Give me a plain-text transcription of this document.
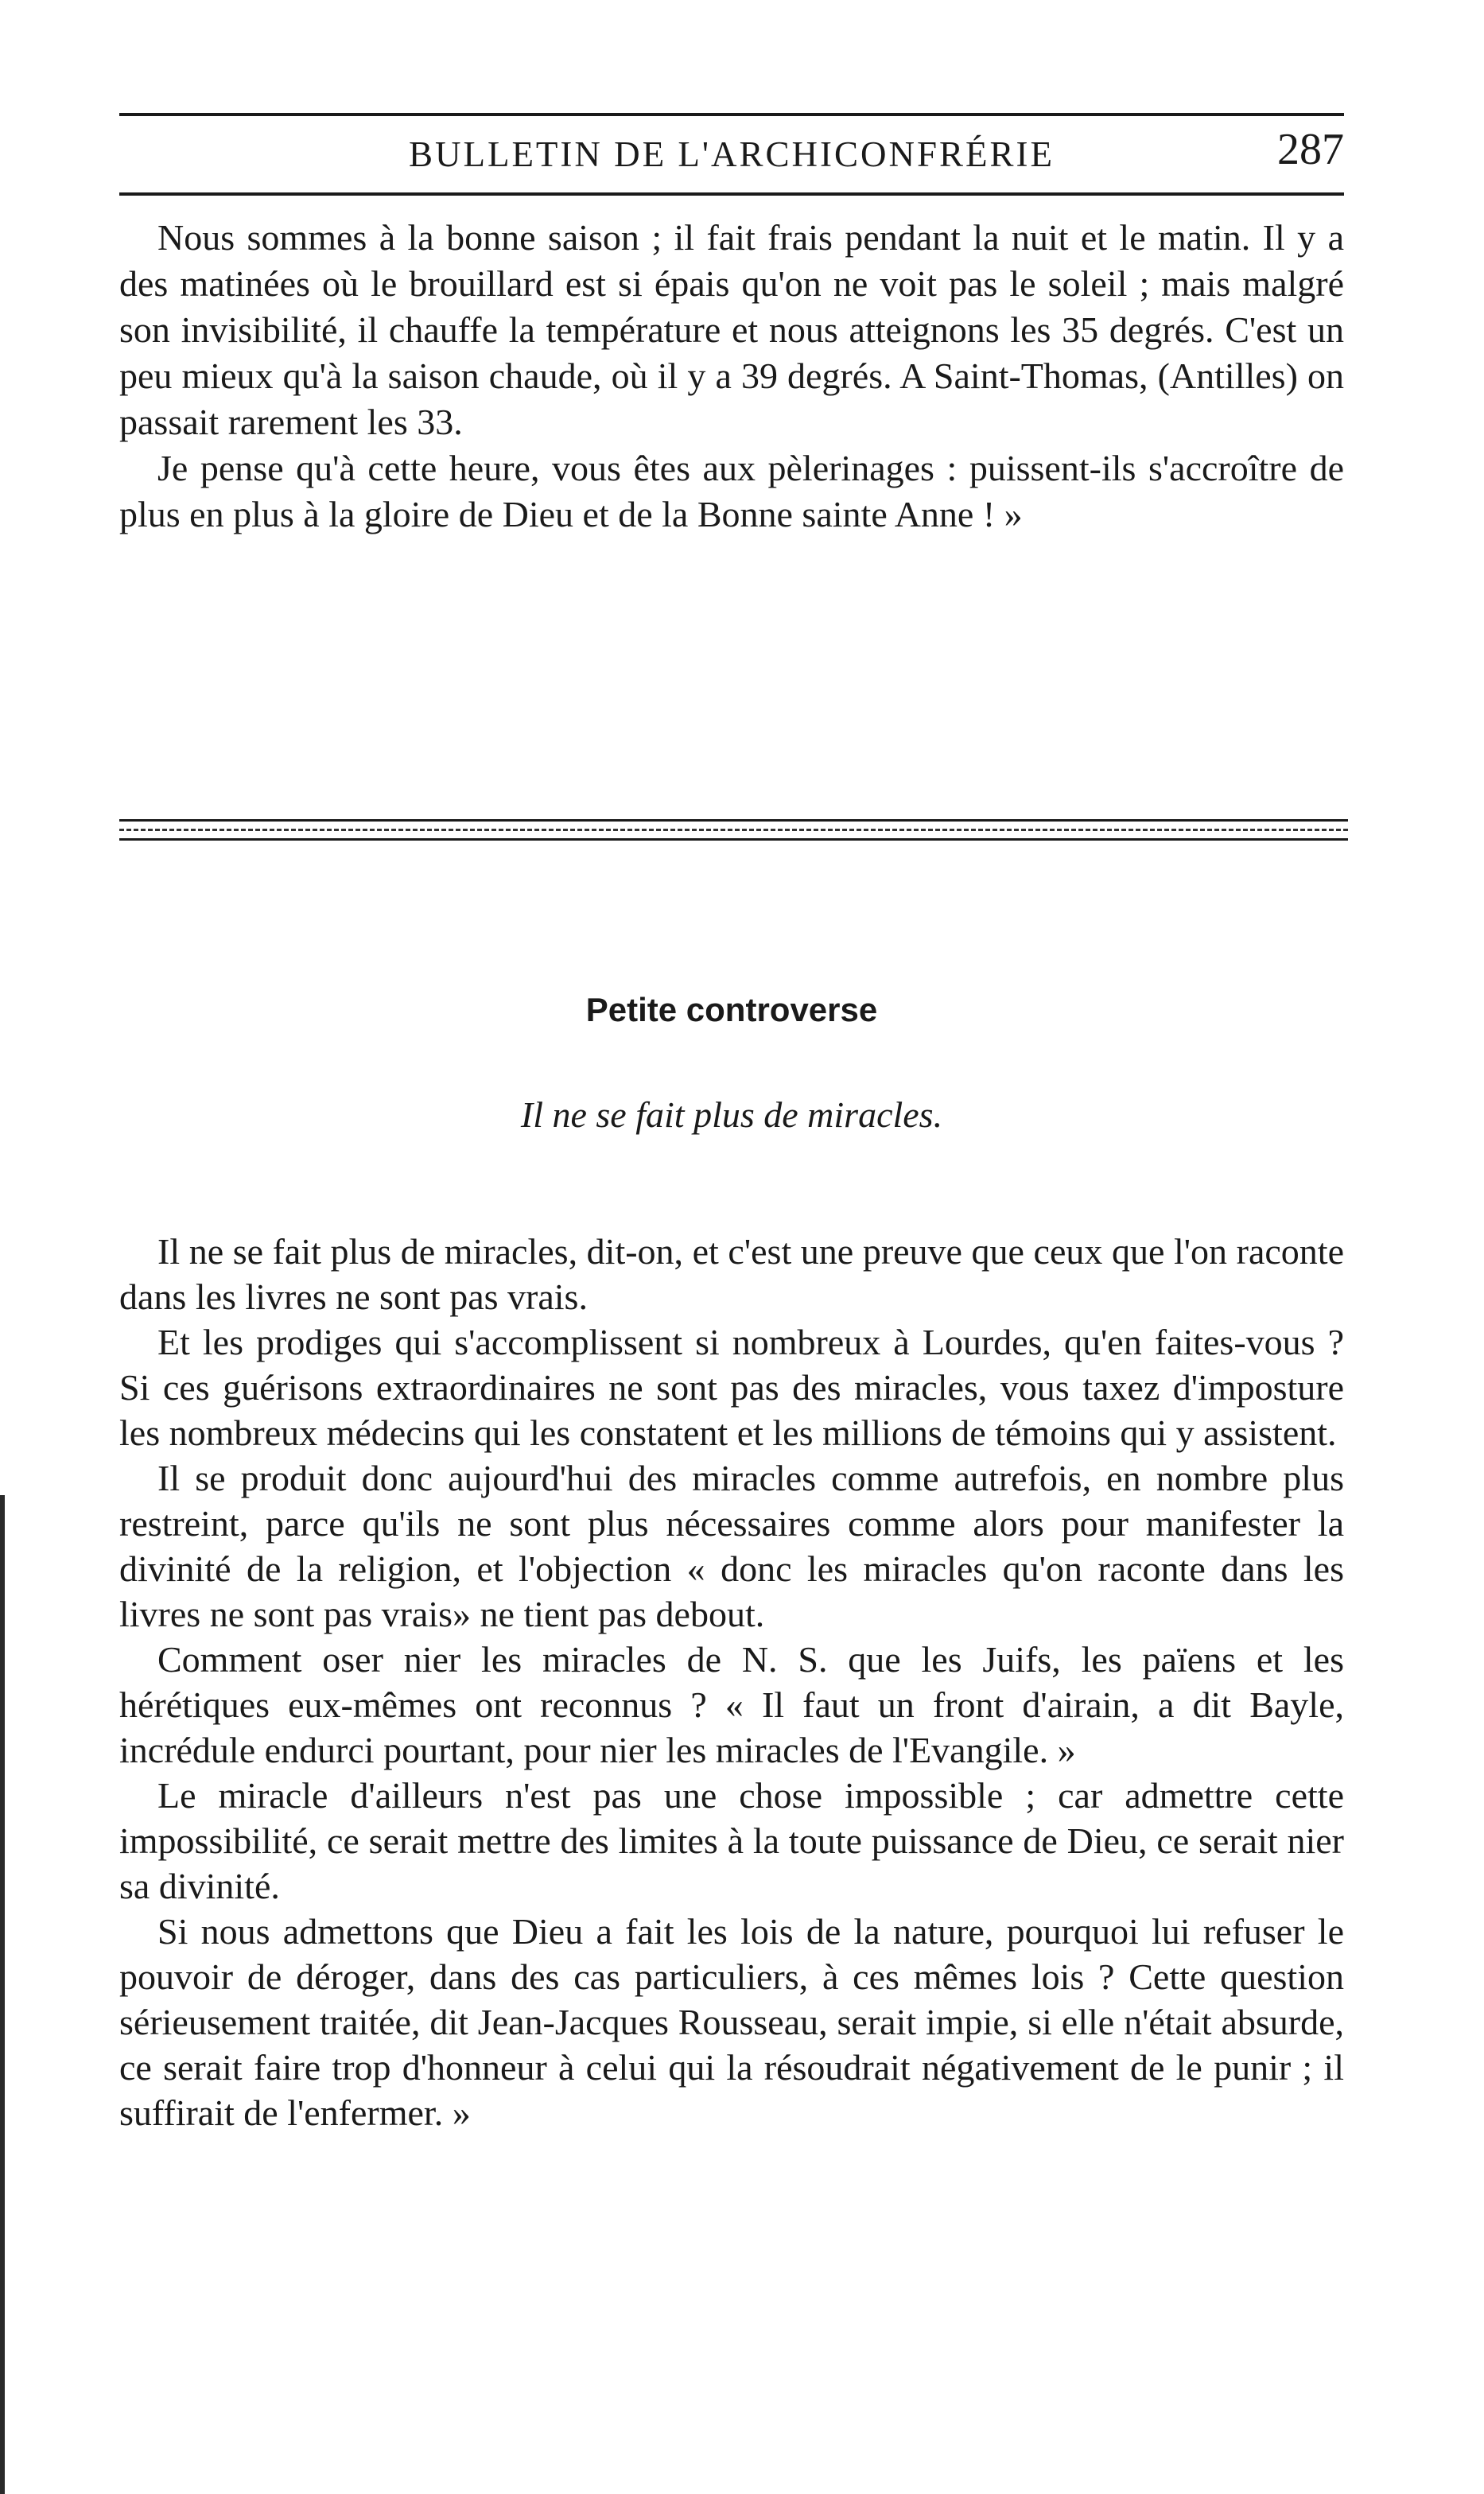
BULLETIN DE L'ARCHICONFRÉRIE	287

Nous sommes à la bonne saison ; il fait frais pendant la nuit et le matin. Il y a des matinées où le brouillard est si épais qu'on ne voit pas le soleil ; mais malgré son invisibilité, il chauffe la température et nous atteignons les 35 degrés. C'est un peu mieux qu'à la saison chaude, où il y a 39 degrés. A Saint-Thomas, (Antilles) on passait rarement les 33.

Je pense qu'à cette heure, vous êtes aux pèlerinages : puissent-ils s'accroître de plus en plus à la gloire de Dieu et de la Bonne sainte Anne ! »

Petite controverse
Il ne se fait plus de miracles.

Il ne se fait plus de miracles, dit-on, et c'est une preuve que ceux que l'on raconte dans les livres ne sont pas vrais.

Et les prodiges qui s'accomplissent si nombreux à Lourdes, qu'en faites-vous ? Si ces guérisons extraordinaires ne sont pas des miracles, vous taxez d'imposture les nombreux médecins qui les constatent et les millions de témoins qui y assistent.

Il se produit donc aujourd'hui des miracles comme autrefois, en nombre plus restreint, parce qu'ils ne sont plus nécessaires comme alors pour manifester la divinité de la religion, et l'objection « donc les miracles qu'on raconte dans les livres ne sont pas vrais» ne tient pas debout.

Comment oser nier les miracles de N. S. que les Juifs, les païens et les hérétiques eux-mêmes ont reconnus ? « Il faut un front d'airain, a dit Bayle, incrédule endurci pourtant, pour nier les miracles de l'Evangile. »

Le miracle d'ailleurs n'est pas une chose impossible ; car admettre cette impossibilité, ce serait mettre des limites à la toute puissance de Dieu, ce serait nier sa divinité.

Si nous admettons que Dieu a fait les lois de la nature, pourquoi lui refuser le pouvoir de déroger, dans des cas particuliers, à ces mêmes lois ? Cette question sérieusement traitée, dit Jean-Jacques Rousseau, serait impie, si elle n'était absurde, ce serait faire trop d'honneur à celui qui la résoudrait négativement de le punir ; il suffirait de l'enfermer. »
